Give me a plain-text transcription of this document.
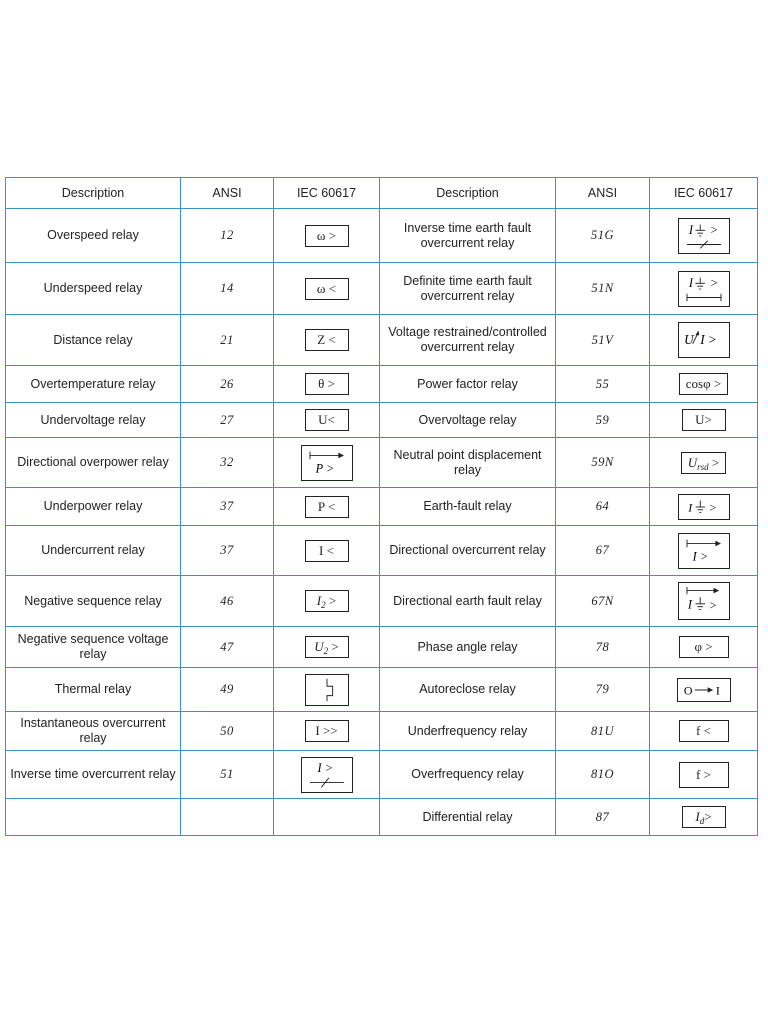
Description	ANSI	IEC 60617	Description	ANSI	IEC 60617
Overspeed relay	12	ω >	Inverse time earth fault overcurrent relay	51G	I >

Underspeed relay	14	ω <	Definite time earth fault overcurrent relay	51N	I >

Distance relay	21	Z <	Voltage restrained/controlled overcurrent relay	51V	U I >

Overtemperature relay	26	θ >	Power factor relay	55	cosφ >
Undervoltage relay	27	U<	Overvoltage relay	59	U>
Directional overpower relay	32	P >	Neutral point displacement relay	59N	$U_{rsd}$ >
Underpower relay	37	P <	Earth-fault relay	64	I >

Undercurrent relay	37	I <	Directional overcurrent relay	67	I >

Negative sequence relay	46	$I_2$ >	Directional earth fault relay	67N	I >

Negative sequence voltage relay	47	$U_2$ >	Phase angle relay	78	φ >
Thermal relay	49		Autoreclose relay	79	O I

Instantaneous overcurrent relay	50	I >>	Underfrequency relay	81U	f <
Inverse time overcurrent relay	51	I >	Overfrequency relay	81O	f >
			Differential relay	87	$I_d>$
